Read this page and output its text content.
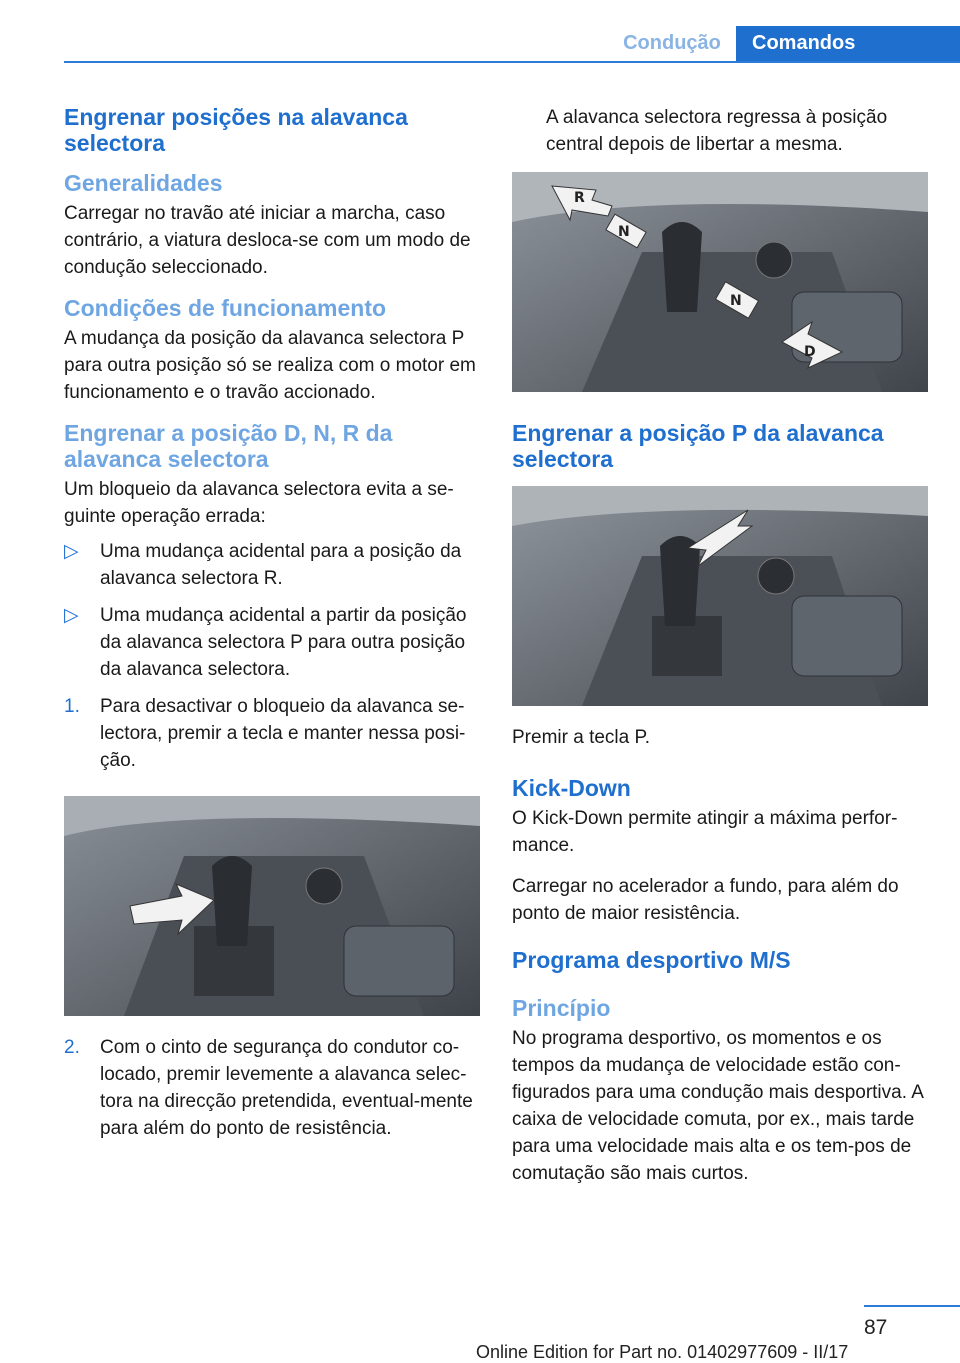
Condução	Comandos
Engrenar posições na alavanca selectora
Generalidades

Carregar no travão até iniciar a marcha, caso contrário, a viatura desloca-se com um modo de condução seleccionado.

Condições de funcionamento

A mudança da posição da alavanca selectora P para outra posição só se realiza com o motor em funcionamento e o travão accionado.

Engrenar a posição D, N, R da alavanca selectora

Um bloqueio da alavanca selectora evita a se‐guinte operação errada:

▷	Uma mudança acidental para a posição da alavanca selectora R.
▷	Uma mudança acidental a partir da posição da alavanca selectora P para outra posição da alavanca selectora.
1.	Para desactivar o bloqueio da alavanca se‐lectora, premir a tecla e manter nessa posi‐ção.
2.	Com o cinto de segurança do condutor co‐locado, premir levemente a alavanca selec‐tora na direcção pretendida, eventual‐mente para além do ponto de resistência.

A alavanca selectora regressa à posição central depois de libertar a mesma.

R
N
N
D
Engrenar a posição P da alavanca selectora

Premir a tecla P.

Kick-Down

O Kick-Down permite atingir a máxima perfor‐mance.

Carregar no acelerador a fundo, para além do ponto de maior resistência.

Programa desportivo M/S
Princípio

No programa desportivo, os momentos e os tempos da mudança de velocidade estão con‐figurados para uma condução mais desportiva. A caixa de velocidade comuta, por ex., mais tarde para uma velocidade mais alta e os tem‐pos de comutação são mais curtos.

87
Online Edition for Part no. 01402977609 - II/17
